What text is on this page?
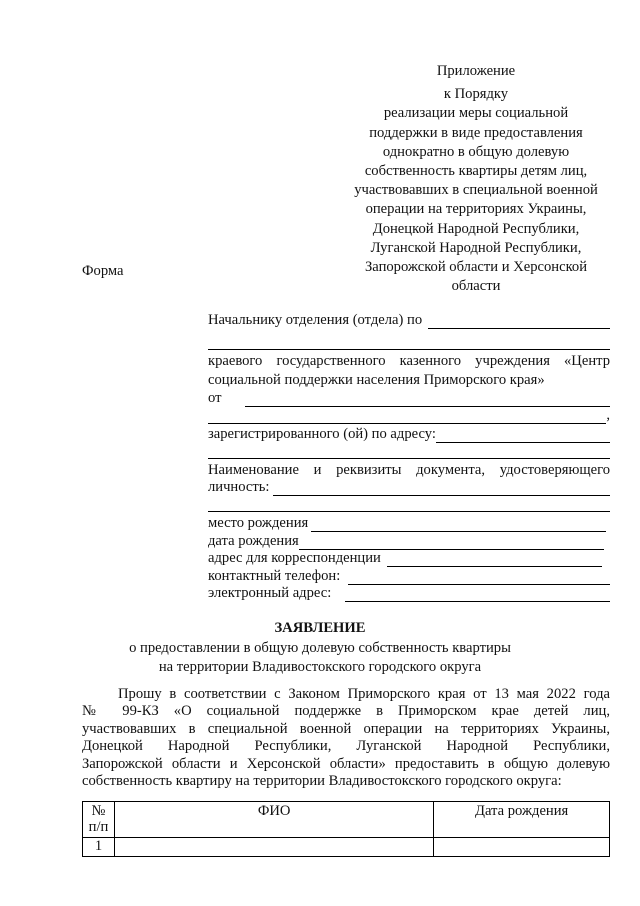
Приложение
к Порядку
реализации меры социальной
поддержки в виде предоставления
однократно в общую долевую
собственность квартиры детям лиц,
участвовавших в специальной военной
операции на территориях Украины,
Донецкой Народной Республики,
Луганской Народной Республики,
Запорожской области и Херсонской
области
Форма
Начальнику отделения (отдела) по
краевого государственного казенного учреждения «Центр
социальной поддержки населения Приморского края»
от
,
зарегистрированного (ой) по адресу:
Наименование и реквизиты документа, удостоверяющего
личность:
место рождения
дата рождения
адрес для корреспонденции
контактный телефон:
электронный адрес:
ЗАЯВЛЕНИЕ
о предоставлении в общую долевую собственность квартиры
на территории Владивостокского городского округа
Прошу в соответствии с Законом Приморского края от 13 мая 2022 года
№ 99-КЗ «О социальной поддержке в Приморском крае детей лиц,
участвовавших в специальной военной операции на территориях Украины,
Донецкой Народной Республики, Луганской Народной Республики,
Запорожской области и Херсонской области» предоставить в общую долевую
собственность квартиру на территории Владивостокского городского округа:
№ п/п	ФИО	Дата рождения
1		
